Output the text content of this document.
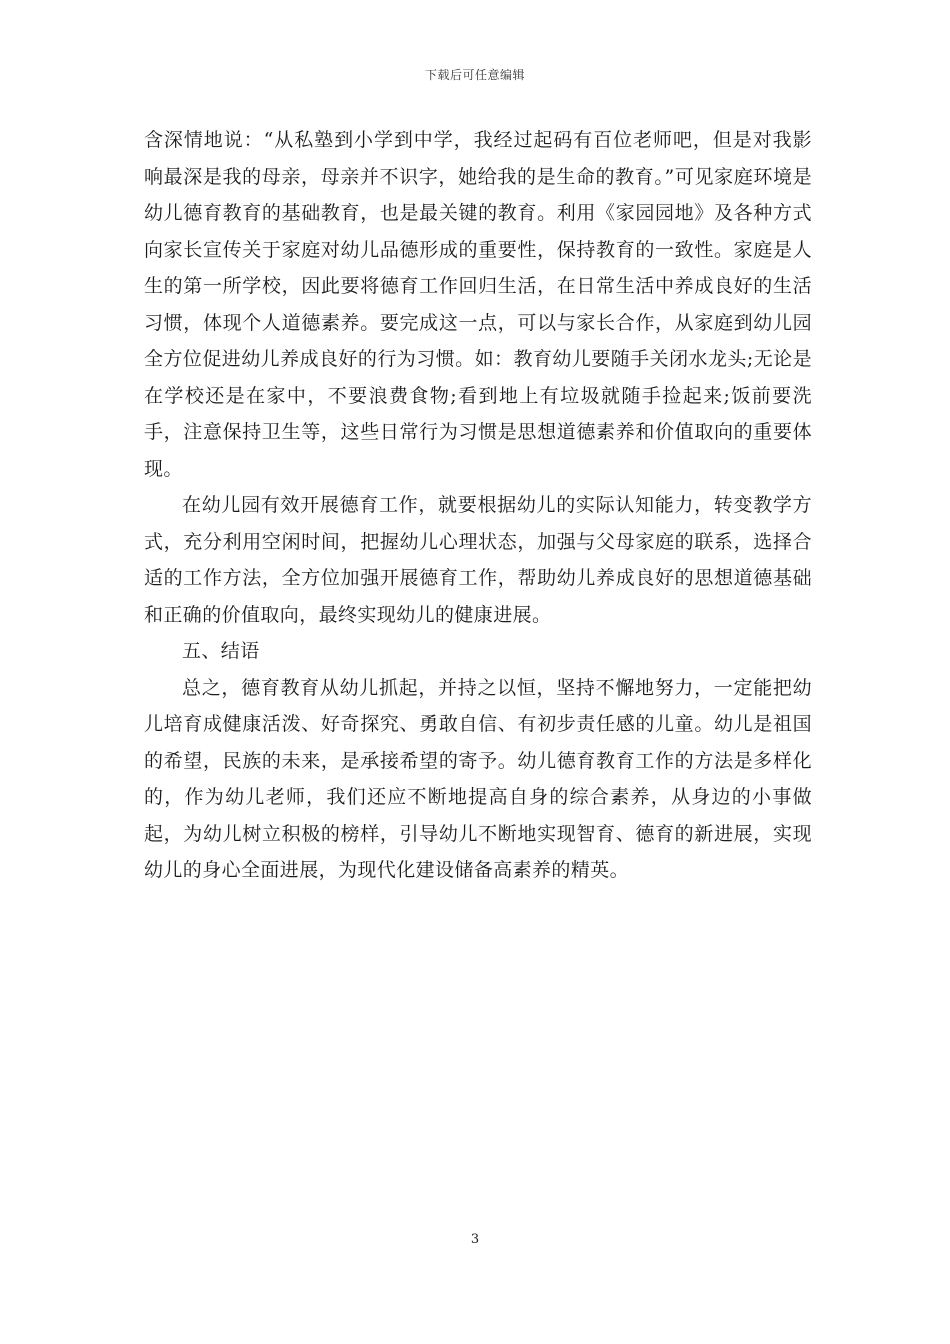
下载后可任意编辑

含深情地说：“从私塾到小学到中学，我经过起码有百位老师吧，但是对我影响最深是我的母亲，母亲并不识字，她给我的是生命的教育。”可见家庭环境是幼儿德育教育的基础教育，也是最关键的教育。利用《家园园地》及各种方式向家长宣传关于家庭对幼儿品德形成的重要性，保持教育的一致性。家庭是人生的第一所学校，因此要将德育工作回归生活，在日常生活中养成良好的生活习惯，体现个人道德素养。要完成这一点，可以与家长合作，从家庭到幼儿园全方位促进幼儿养成良好的行为习惯。如：教育幼儿要随手关闭水龙头;无论是在学校还是在家中，不要浪费食物;看到地上有垃圾就随手捡起来;饭前要洗手，注意保持卫生等，这些日常行为习惯是思想道德素养和价值取向的重要体现。

在幼儿园有效开展德育工作，就要根据幼儿的实际认知能力，转变教学方式，充分利用空闲时间，把握幼儿心理状态，加强与父母家庭的联系，选择合适的工作方法，全方位加强开展德育工作，帮助幼儿养成良好的思想道德基础和正确的价值取向，最终实现幼儿的健康进展。

五、结语

总之，德育教育从幼儿抓起，并持之以恒，坚持不懈地努力，一定能把幼儿培育成健康活泼、好奇探究、勇敢自信、有初步责任感的儿童。幼儿是祖国的希望，民族的未来，是承接希望的寄予。幼儿德育教育工作的方法是多样化的，作为幼儿老师，我们还应不断地提高自身的综合素养，从身边的小事做起，为幼儿树立积极的榜样，引导幼儿不断地实现智育、德育的新进展，实现幼儿的身心全面进展，为现代化建设储备高素养的精英。

3
